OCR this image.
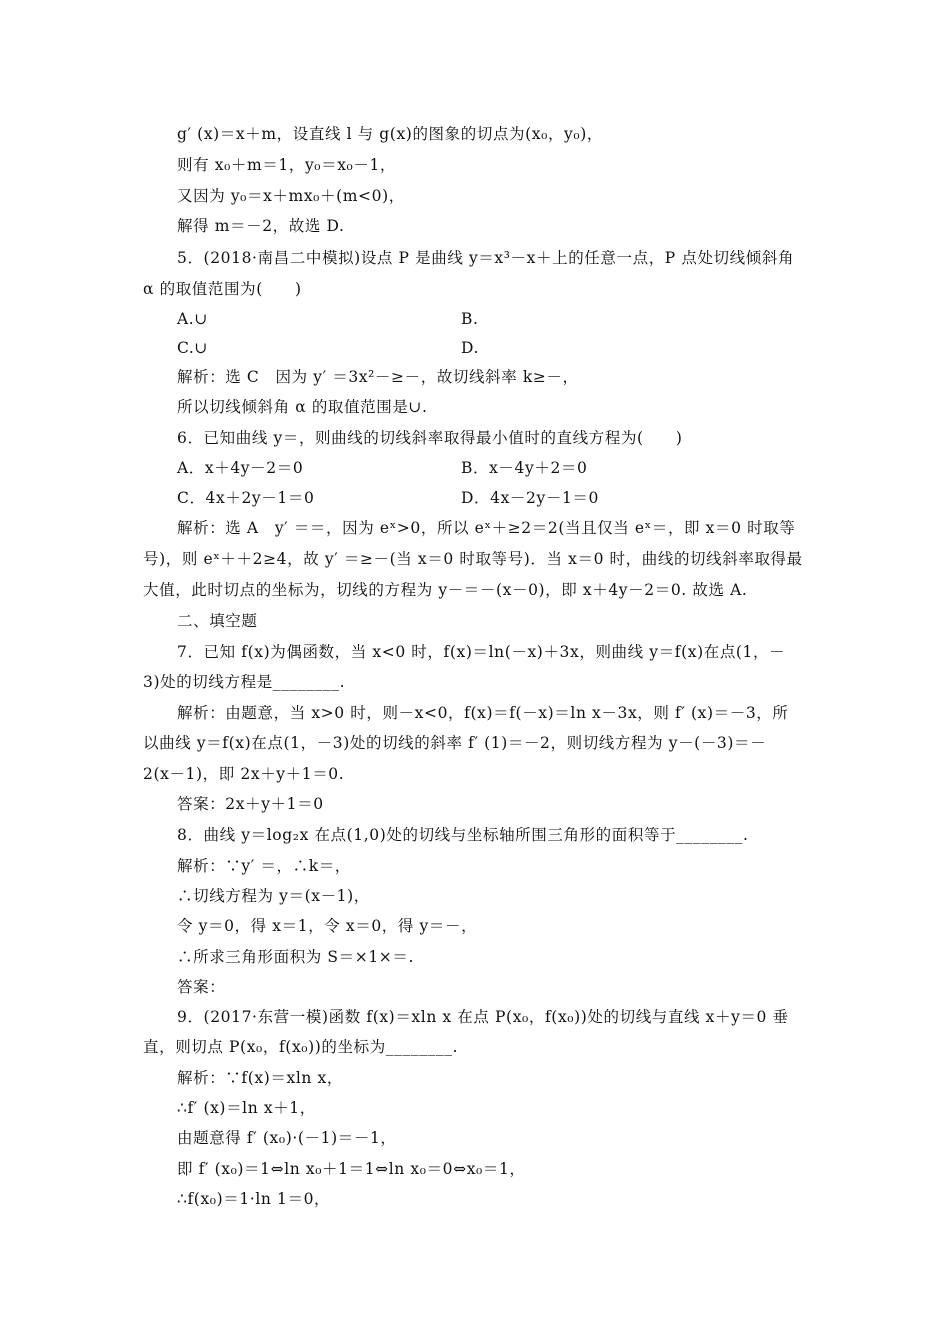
g′ (x)＝x＋m，设直线 l 与 g(x)的图象的切点为(x₀，y₀)，
则有 x₀＋m＝1，y₀＝x₀－1，
又因为 y₀＝x＋mx₀＋(m<0)，
解得 m＝－2，故选 D.
5．(2018·南昌二中模拟)设点 P 是曲线 y＝x³－x＋上的任意一点，P 点处切线倾斜角
α 的取值范围为(　　)
A.∪	B.
C.∪	D.
解析：选 C　因为 y′ ＝3x²－≥－，故切线斜率 k≥－，
所以切线倾斜角 α 的取值范围是∪.
6．已知曲线 y＝，则曲线的切线斜率取得最小值时的直线方程为(　　)
A．x＋4y－2＝0	B．x－4y＋2＝0
C．4x＋2y－1＝0	D．4x－2y－1＝0
解析：选 A　y′ ＝＝，因为 eˣ>0，所以 eˣ＋≥2＝2(当且仅当 eˣ＝，即 x＝0 时取等
号)，则 eˣ＋＋2≥4，故 y′ ＝≥－(当 x＝0 时取等号)．当 x＝0 时，曲线的切线斜率取得最
大值，此时切点的坐标为，切线的方程为 y－＝－(x－0)，即 x＋4y－2＝0. 故选 A.
二、填空题
7．已知 f(x)为偶函数，当 x<0 时，f(x)＝ln(－x)＋3x，则曲线 y＝f(x)在点(1，－
3)处的切线方程是________.
解析：由题意，当 x>0 时，则－x<0，f(x)＝f(－x)＝ln x－3x，则 f′ (x)＝－3，所
以曲线 y＝f(x)在点(1，－3)处的切线的斜率 f′ (1)＝－2，则切线方程为 y－(－3)＝－
2(x－1)，即 2x＋y＋1＝0.
答案：2x＋y＋1＝0
8．曲线 y＝log₂x 在点(1,0)处的切线与坐标轴所围三角形的面积等于________.
解析：∵y′ ＝，∴k＝，
∴切线方程为 y＝(x－1)，
令 y＝0，得 x＝1，令 x＝0，得 y＝－，
∴所求三角形面积为 S＝×1×＝.
答案：
9．(2017·东营一模)函数 f(x)＝xln x 在点 P(x₀，f(x₀))处的切线与直线 x＋y＝0 垂
直，则切点 P(x₀，f(x₀))的坐标为________.
解析：∵f(x)＝xln x，
∴f′ (x)＝ln x＋1，
由题意得 f′ (x₀)·(－1)＝－1，
即 f′ (x₀)＝1⇔ln x₀＋1＝1⇔ln x₀＝0⇔x₀＝1，
∴f(x₀)＝1·ln 1＝0，
